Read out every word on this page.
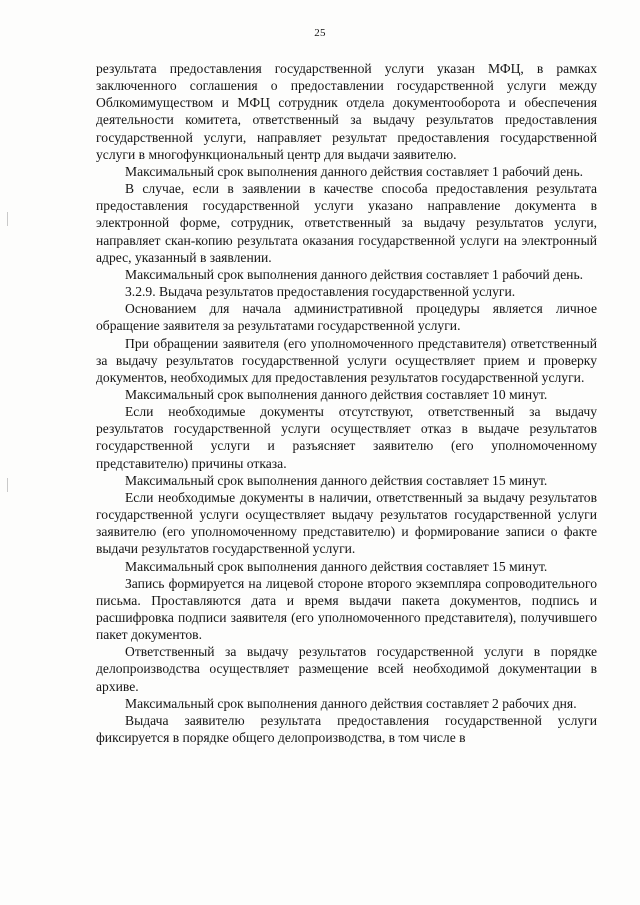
25

результата предоставления государственной услуги указан МФЦ, в рамках заключенного соглашения о предоставлении государственной услуги между Облкомимуществом и МФЦ сотрудник отдела документооборота и обеспечения деятельности комитета, ответственный за выдачу результатов предоставления государственной услуги, направляет результат предоставления государственной услуги в многофункциональный центр для выдачи заявителю.

Максимальный срок выполнения данного действия составляет 1 рабочий день.

В случае, если в заявлении в качестве способа предоставления результата предоставления государственной услуги указано направление документа в электронной форме, сотрудник, ответственный за выдачу результатов услуги, направляет скан-копию результата оказания государственной услуги на электронный адрес, указанный в заявлении.

Максимальный срок выполнения данного действия составляет 1 рабочий день.

3.2.9. Выдача результатов предоставления государственной услуги.

Основанием для начала административной процедуры является личное обращение заявителя за результатами государственной услуги.

При обращении заявителя (его уполномоченного представителя) ответственный за выдачу результатов государственной услуги осуществляет прием и проверку документов, необходимых для предоставления результатов государственной услуги.

Максимальный срок выполнения данного действия составляет 10 минут.

Если необходимые документы отсутствуют, ответственный за выдачу результатов государственной услуги осуществляет отказ в выдаче результатов государственной услуги и разъясняет заявителю (его уполномоченному представителю) причины отказа.

Максимальный срок выполнения данного действия составляет 15 минут.

Если необходимые документы в наличии, ответственный за выдачу результатов государственной услуги осуществляет выдачу результатов государственной услуги заявителю (его уполномоченному представителю) и формирование записи о факте выдачи результатов государственной услуги.

Максимальный срок выполнения данного действия составляет 15 минут.

Запись формируется на лицевой стороне второго экземпляра сопроводительного письма. Проставляются дата и время выдачи пакета документов, подпись и расшифровка подписи заявителя (его уполномоченного представителя), получившего пакет документов.

Ответственный за выдачу результатов государственной услуги в порядке делопроизводства осуществляет размещение всей необходимой документации в архиве.

Максимальный срок выполнения данного действия составляет 2 рабочих дня.

Выдача заявителю результата предоставления государственной услуги фиксируется в порядке общего делопроизводства, в том числе в
